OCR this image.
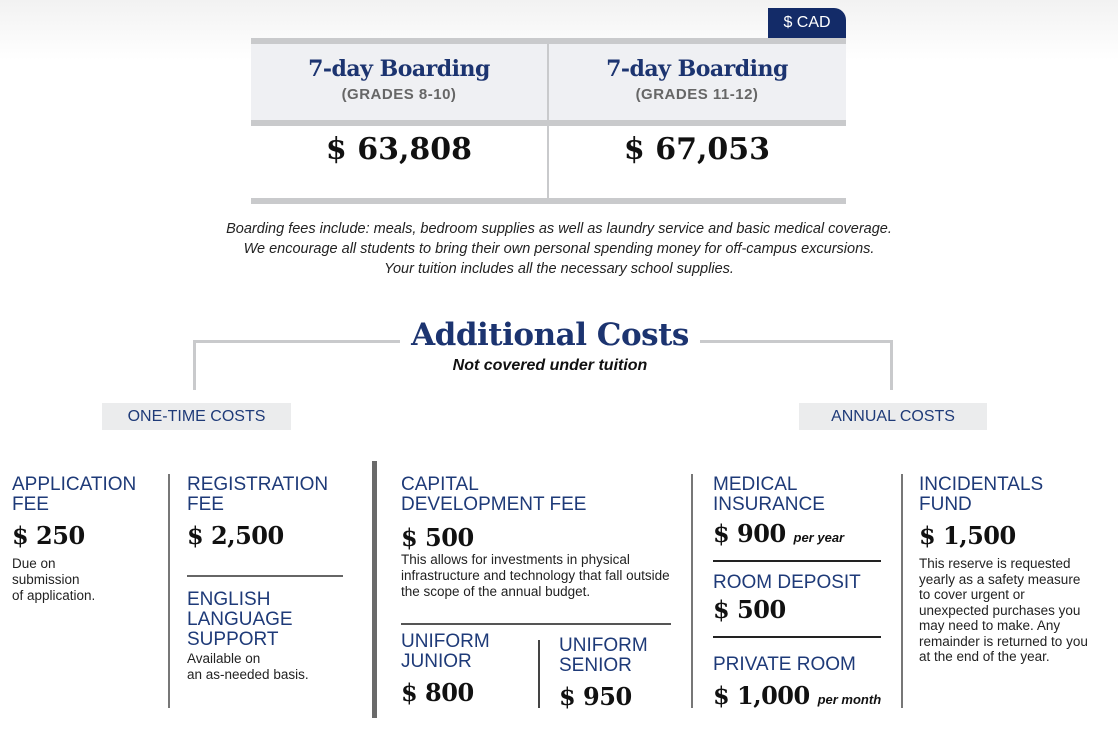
$ CAD
7-day Boarding
(GRADES 8-10)
7-day Boarding
(GRADES 11-12)
$ 63,808	$ 67,053
Boarding fees include: meals, bedroom supplies as well as laundry service and basic medical coverage.
We encourage all students to bring their own personal spending money for off-campus excursions.
Your tuition includes all the necessary school supplies.
Additional Costs
Not covered under tuition
ONE-TIME COSTS	ANNUAL COSTS
APPLICATION FEE
$ 250
Due on
submission
of application.
REGISTRATION FEE
$ 2,500
ENGLISH LANGUAGE SUPPORT
Available on
an as-needed basis.
CAPITAL DEVELOPMENT FEE
$ 500
This allows for investments in physical infrastructure and technology that fall outside the scope of the annual budget.
UNIFORM JUNIOR
$ 800
UNIFORM SENIOR
$ 950
MEDICAL INSURANCE
$ 900 per year
ROOM DEPOSIT
$ 500
PRIVATE ROOM
$ 1,000 per month
INCIDENTALS FUND
$ 1,500
This reserve is requested yearly as a safety measure to cover urgent or unexpected purchases you may need to make. Any remainder is returned to you at the end of the year.
